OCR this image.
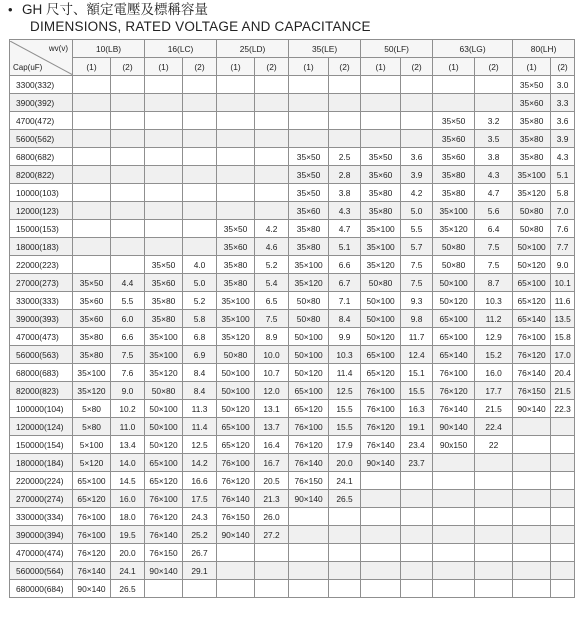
• GH 尺寸、額定電壓及標稱容量
DIMENSIONS, RATED VOLTAGE AND CAPACITANCE
wv(v)
Cap(uF)	10(LB)		16(LC)		25(LD)		35(LE)		50(LF)		63(LG)		80(LH)	
	(1)	(2)	(1)	(2)	(1)	(2)	(1)	(2)	(1)	(2)	(1)	(2)	(1)	(2)
3300(332)													35×50	3.0
3900(392)													35×60	3.3
4700(472)											35×50	3.2	35×80	3.6
5600(562)											35×60	3.5	35×80	3.9
6800(682)							35×50	2.5	35×50	3.6	35×60	3.8	35×80	4.3
8200(822)							35×50	2.8	35×60	3.9	35×80	4.3	35×100	5.1
10000(103)							35×50	3.8	35×80	4.2	35×80	4.7	35×120	5.8
12000(123)							35×60	4.3	35×80	5.0	35×100	5.6	50×80	7.0
15000(153)					35×50	4.2	35×80	4.7	35×100	5.5	35×120	6.4	50×80	7.6
18000(183)					35×60	4.6	35×80	5.1	35×100	5.7	50×80	7.5	50×100	7.7
22000(223)			35×50	4.0	35×80	5.2	35×100	6.6	35×120	7.5	50×80	7.5	50×120	9.0
27000(273)	35×50	4.4	35×60	5.0	35×80	5.4	35×120	6.7	50×80	7.5	50×100	8.7	65×100	10.1
33000(333)	35×60	5.5	35×80	5.2	35×100	6.5	50×80	7.1	50×100	9.3	50×120	10.3	65×120	11.6
39000(393)	35×60	6.0	35×80	5.8	35×100	7.5	50×80	8.4	50×100	9.8	65×100	11.2	65×140	13.5
47000(473)	35×80	6.6	35×100	6.8	35×120	8.9	50×100	9.9	50×120	11.7	65×100	12.9	76×100	15.8
56000(563)	35×80	7.5	35×100	6.9	50×80	10.0	50×100	10.3	65×100	12.4	65×140	15.2	76×120	17.0
68000(683)	35×100	7.6	35×120	8.4	50×100	10.7	50×120	11.4	65×120	15.1	76×100	16.0	76×140	20.4
82000(823)	35×120	9.0	50×80	8.4	50×100	12.0	65×100	12.5	76×100	15.5	76×120	17.7	76×150	21.5
100000(104)	5×80	10.2	50×100	11.3	50×120	13.1	65×120	15.5	76×100	16.3	76×140	21.5	90×140	22.3
120000(124)	5×80	11.0	50×100	11.4	65×100	13.7	76×100	15.5	76×120	19.1	90×140	22.4		
150000(154)	5×100	13.4	50×120	12.5	65×120	16.4	76×120	17.9	76×140	23.4	90x150	22		
180000(184)	5×120	14.0	65×100	14.2	76×100	16.7	76×140	20.0	90×140	23.7				
220000(224)	65×100	14.5	65×120	16.6	76×120	20.5	76×150	24.1						
270000(274)	65×120	16.0	76×100	17.5	76×140	21.3	90×140	26.5						
330000(334)	76×100	18.0	76×120	24.3	76×150	26.0								
390000(394)	76×100	19.5	76×140	25.2	90×140	27.2								
470000(474)	76×120	20.0	76×150	26.7										
560000(564)	76×140	24.1	90×140	29.1										
680000(684)	90×140	26.5												
